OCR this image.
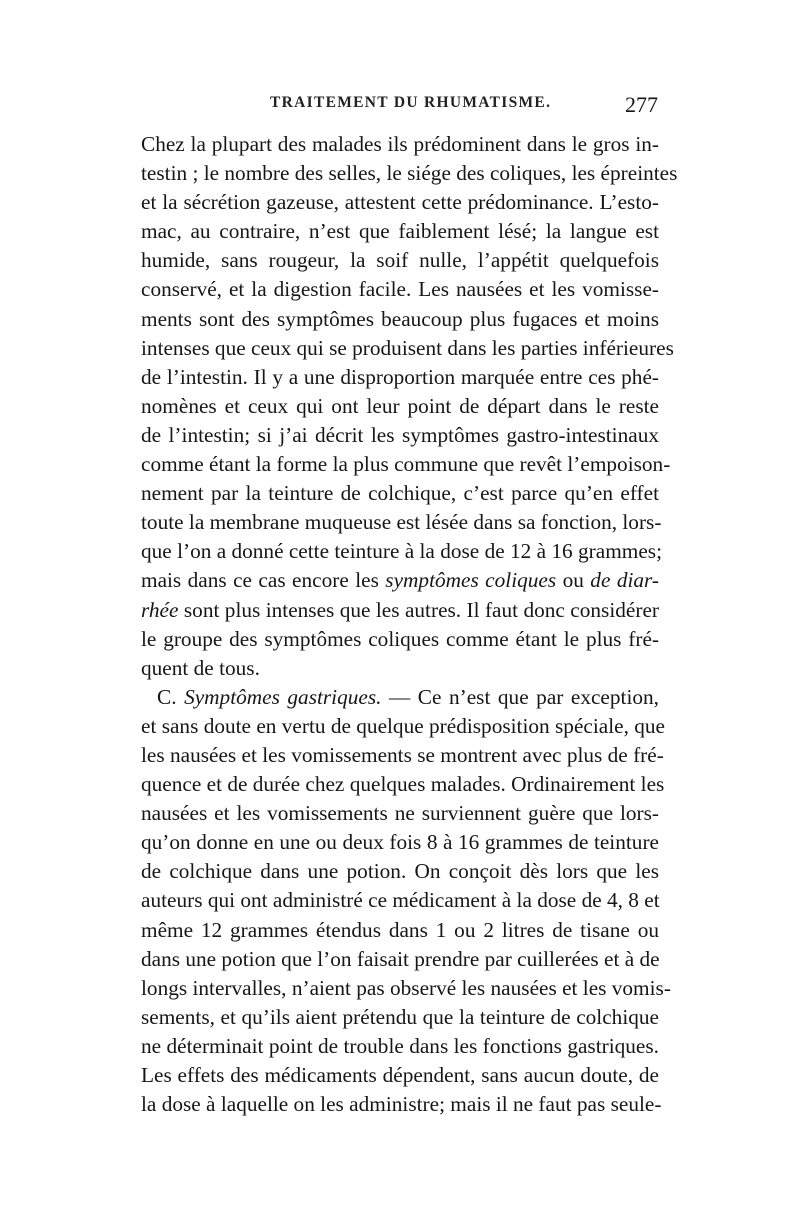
TRAITEMENT DU RHUMATISME.	277
Chez la plupart des malades ils prédominent dans le gros in-
testin ; le nombre des selles, le siége des coliques, les épreintes
et la sécrétion gazeuse, attestent cette prédominance. L’esto-
mac, au contraire, n’est que faiblement lésé; la langue est
humide, sans rougeur, la soif nulle, l’appétit quelquefois
conservé, et la digestion facile. Les nausées et les vomisse-
ments sont des symptômes beaucoup plus fugaces et moins
intenses que ceux qui se produisent dans les parties inférieures
de l’intestin. Il y a une disproportion marquée entre ces phé-
nomènes et ceux qui ont leur point de départ dans le reste
de l’intestin; si j’ai décrit les symptômes gastro-intestinaux
comme étant la forme la plus commune que revêt l’empoison-
nement par la teinture de colchique, c’est parce qu’en effet
toute la membrane muqueuse est lésée dans sa fonction, lors-
que l’on a donné cette teinture à la dose de 12 à 16 grammes;
mais dans ce cas encore les symptômes coliques ou de diar-
rhée sont plus intenses que les autres. Il faut donc considérer
le groupe des symptômes coliques comme étant le plus fré-
quent de tous.
C. Symptômes gastriques. — Ce n’est que par exception,
et sans doute en vertu de quelque prédisposition spéciale, que
les nausées et les vomissements se montrent avec plus de fré-
quence et de durée chez quelques malades. Ordinairement les
nausées et les vomissements ne surviennent guère que lors-
qu’on donne en une ou deux fois 8 à 16 grammes de teinture
de colchique dans une potion. On conçoit dès lors que les
auteurs qui ont administré ce médicament à la dose de 4, 8 et
même 12 grammes étendus dans 1 ou 2 litres de tisane ou
dans une potion que l’on faisait prendre par cuillerées et à de
longs intervalles, n’aient pas observé les nausées et les vomis-
sements, et qu’ils aient prétendu que la teinture de colchique
ne déterminait point de trouble dans les fonctions gastriques.
Les effets des médicaments dépendent, sans aucun doute, de
la dose à laquelle on les administre; mais il ne faut pas seule-
